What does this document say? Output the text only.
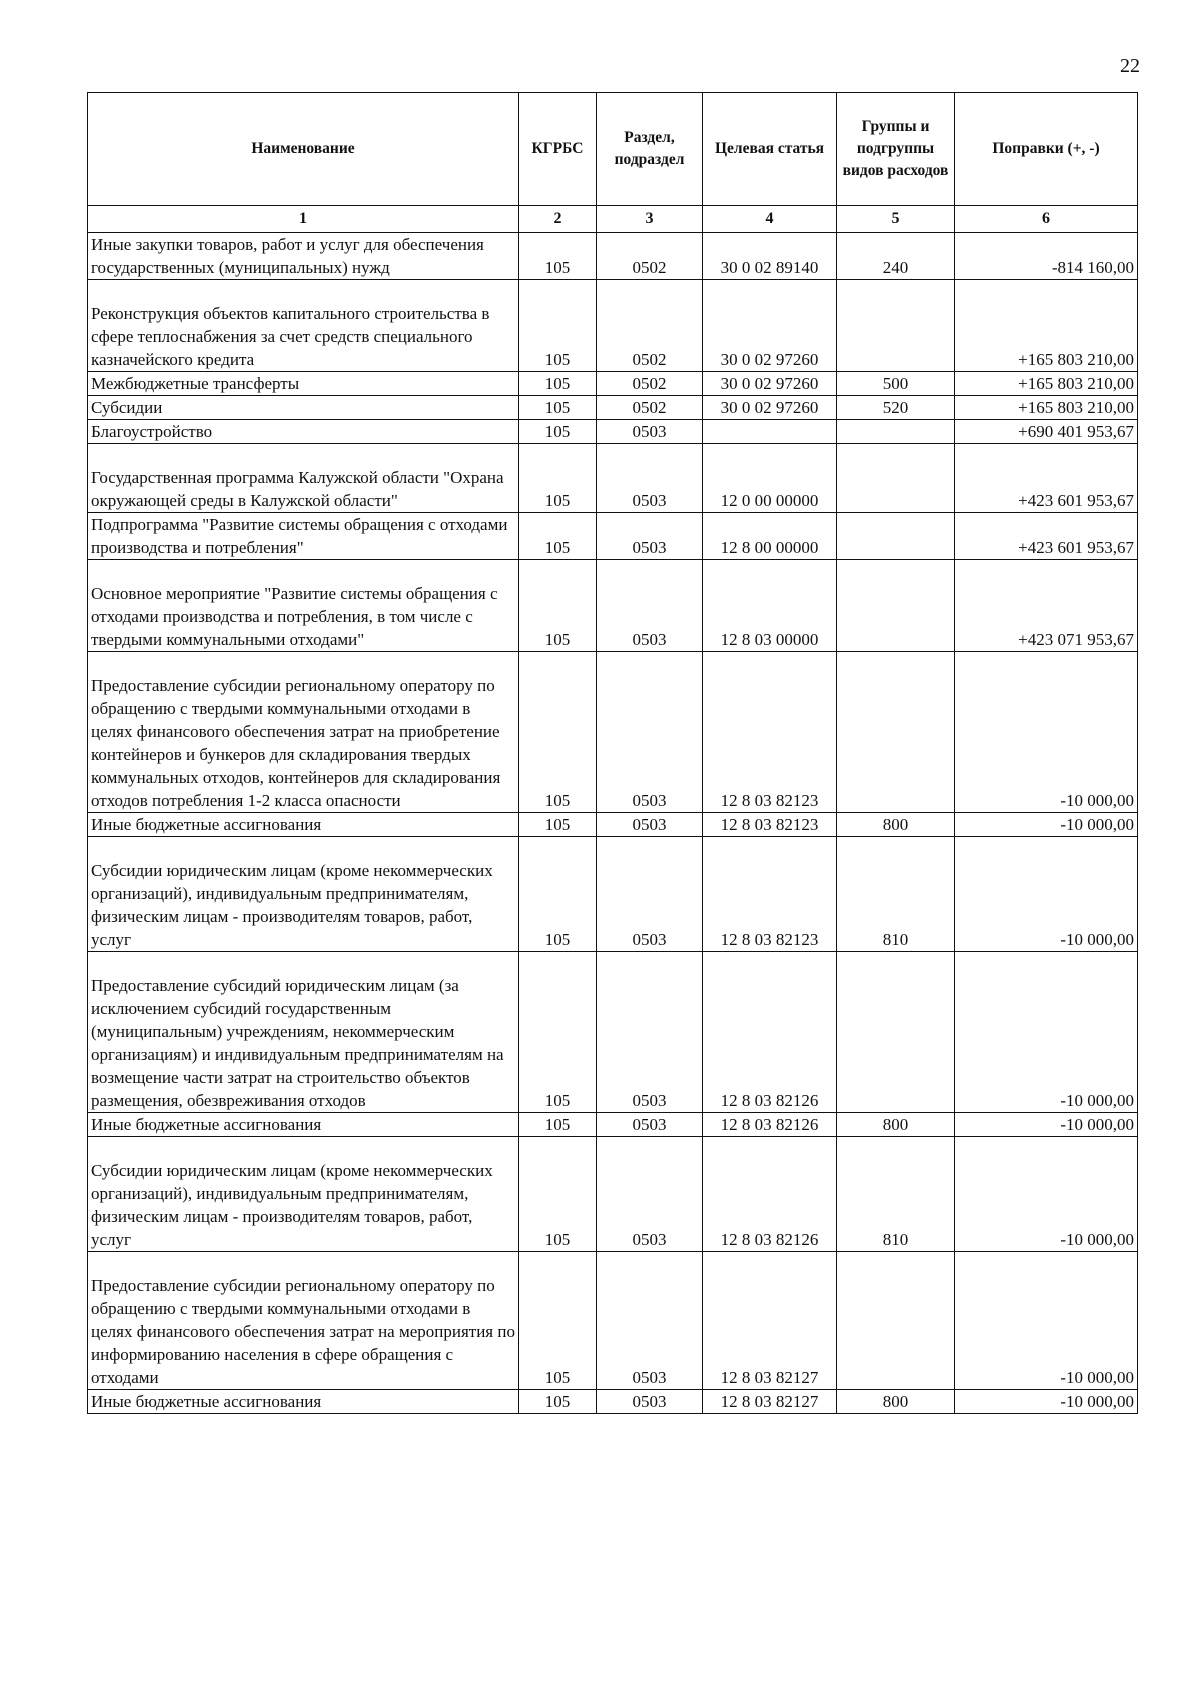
22
Наименование	КГРБС	Раздел, подраздел	Целевая статья	Группы и подгруппы видов расходов	Поправки (+, -)
1	2	3	4	5	6
Иные закупки товаров, работ и услуг для обеспечения государственных (муниципальных) нужд	105	0502	30 0 02 89140	240	-814 160,00
Реконструкция объектов капитального строительства в сфере теплоснабжения за счет средств специального казначейского кредита	105	0502	30 0 02 97260		+165 803 210,00
Межбюджетные трансферты	105	0502	30 0 02 97260	500	+165 803 210,00
Субсидии	105	0502	30 0 02 97260	520	+165 803 210,00
Благоустройство	105	0503			+690 401 953,67
Государственная программа Калужской области "Охрана окружающей среды в Калужской области"	105	0503	12 0 00 00000		+423 601 953,67
Подпрограмма "Развитие системы обращения с отходами производства и потребления"	105	0503	12 8 00 00000		+423 601 953,67
Основное мероприятие "Развитие системы обращения с отходами производства и потребления, в том числе с твердыми коммунальными отходами"	105	0503	12 8 03 00000		+423 071 953,67
Предоставление субсидии региональному оператору по обращению с твердыми коммунальными отходами в целях финансового обеспечения затрат на приобретение контейнеров и бункеров для складирования твердых коммунальных отходов, контейнеров для складирования отходов потребления 1-2 класса опасности	105	0503	12 8 03 82123		-10 000,00
Иные бюджетные ассигнования	105	0503	12 8 03 82123	800	-10 000,00
Субсидии юридическим лицам (кроме некоммерческих организаций), индивидуальным предпринимателям, физическим лицам - производителям товаров, работ, услуг	105	0503	12 8 03 82123	810	-10 000,00
Предоставление субсидий юридическим лицам (за исключением субсидий государственным (муниципальным) учреждениям, некоммерческим организациям) и индивидуальным предпринимателям на возмещение части затрат на строительство объектов размещения, обезвреживания отходов	105	0503	12 8 03 82126		-10 000,00
Иные бюджетные ассигнования	105	0503	12 8 03 82126	800	-10 000,00
Субсидии юридическим лицам (кроме некоммерческих организаций), индивидуальным предпринимателям, физическим лицам - производителям товаров, работ, услуг	105	0503	12 8 03 82126	810	-10 000,00
Предоставление субсидии региональному оператору по обращению с твердыми коммунальными отходами в целях финансового обеспечения затрат на мероприятия по информированию населения в сфере обращения с отходами	105	0503	12 8 03 82127		-10 000,00
Иные бюджетные ассигнования	105	0503	12 8 03 82127	800	-10 000,00
